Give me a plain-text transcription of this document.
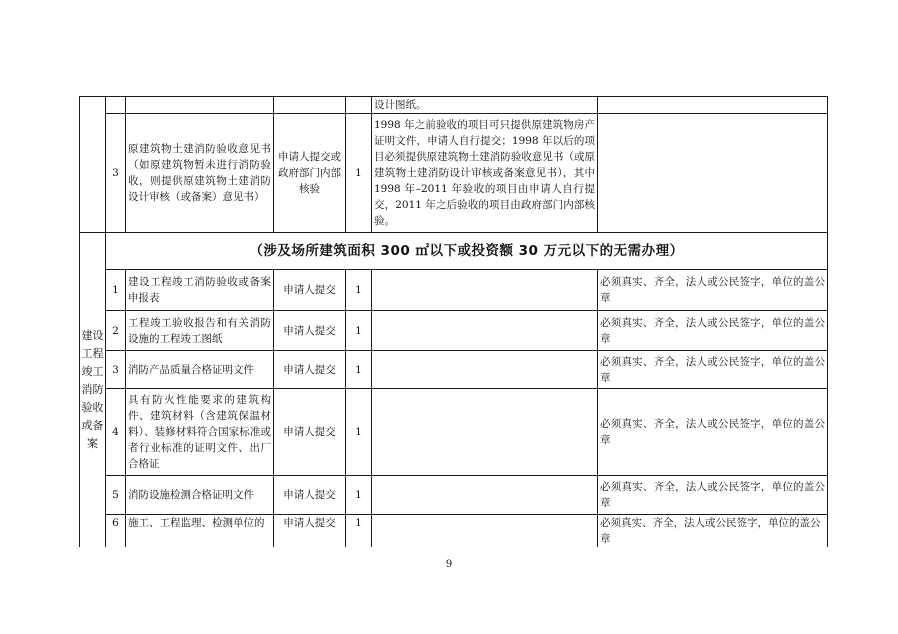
					设计图纸。	
	3	原建筑物土建消防验收意见书（如原建筑物暂未进行消防验收，则提供原建筑物土建消防设计审核（或备案）意见书）	申请人提交或政府部门内部核验	1	1998 年之前验收的项目可只提供原建筑物房产证明文件，申请人自行提交；1998 年以后的项目必须提供原建筑物土建消防验收意见书（或原建筑物土建消防设计审核或备案意见书），其中 1998 年–2011 年验收的项目由申请人自行提交，2011 年之后验收的项目由政府部门内部核验。	
建设工程竣工消防验收或备案	（涉及场所建筑面积 300 ㎡以下或投资额 30 万元以下的无需办理）					
	1	建设工程竣工消防验收或备案申报表	申请人提交	1		必须真实、齐全，法人或公民签字，单位的盖公章
	2	工程竣工验收报告和有关消防设施的工程竣工图纸	申请人提交	1		必须真实、齐全，法人或公民签字，单位的盖公章
	3	消防产品质量合格证明文件	申请人提交	1		必须真实、齐全，法人或公民签字，单位的盖公章
	4	具有防火性能要求的建筑构件、建筑材料（含建筑保温材料）、装修材料符合国家标准或者行业标准的证明文件、出厂合格证	申请人提交	1		必须真实、齐全，法人或公民签字，单位的盖公章
	5	消防设施检测合格证明文件	申请人提交	1		必须真实、齐全，法人或公民签字，单位的盖公章
	6	施工、工程监理、检测单位的	申请人提交	1		必须真实、齐全，法人或公民签字，单位的盖公章
9
